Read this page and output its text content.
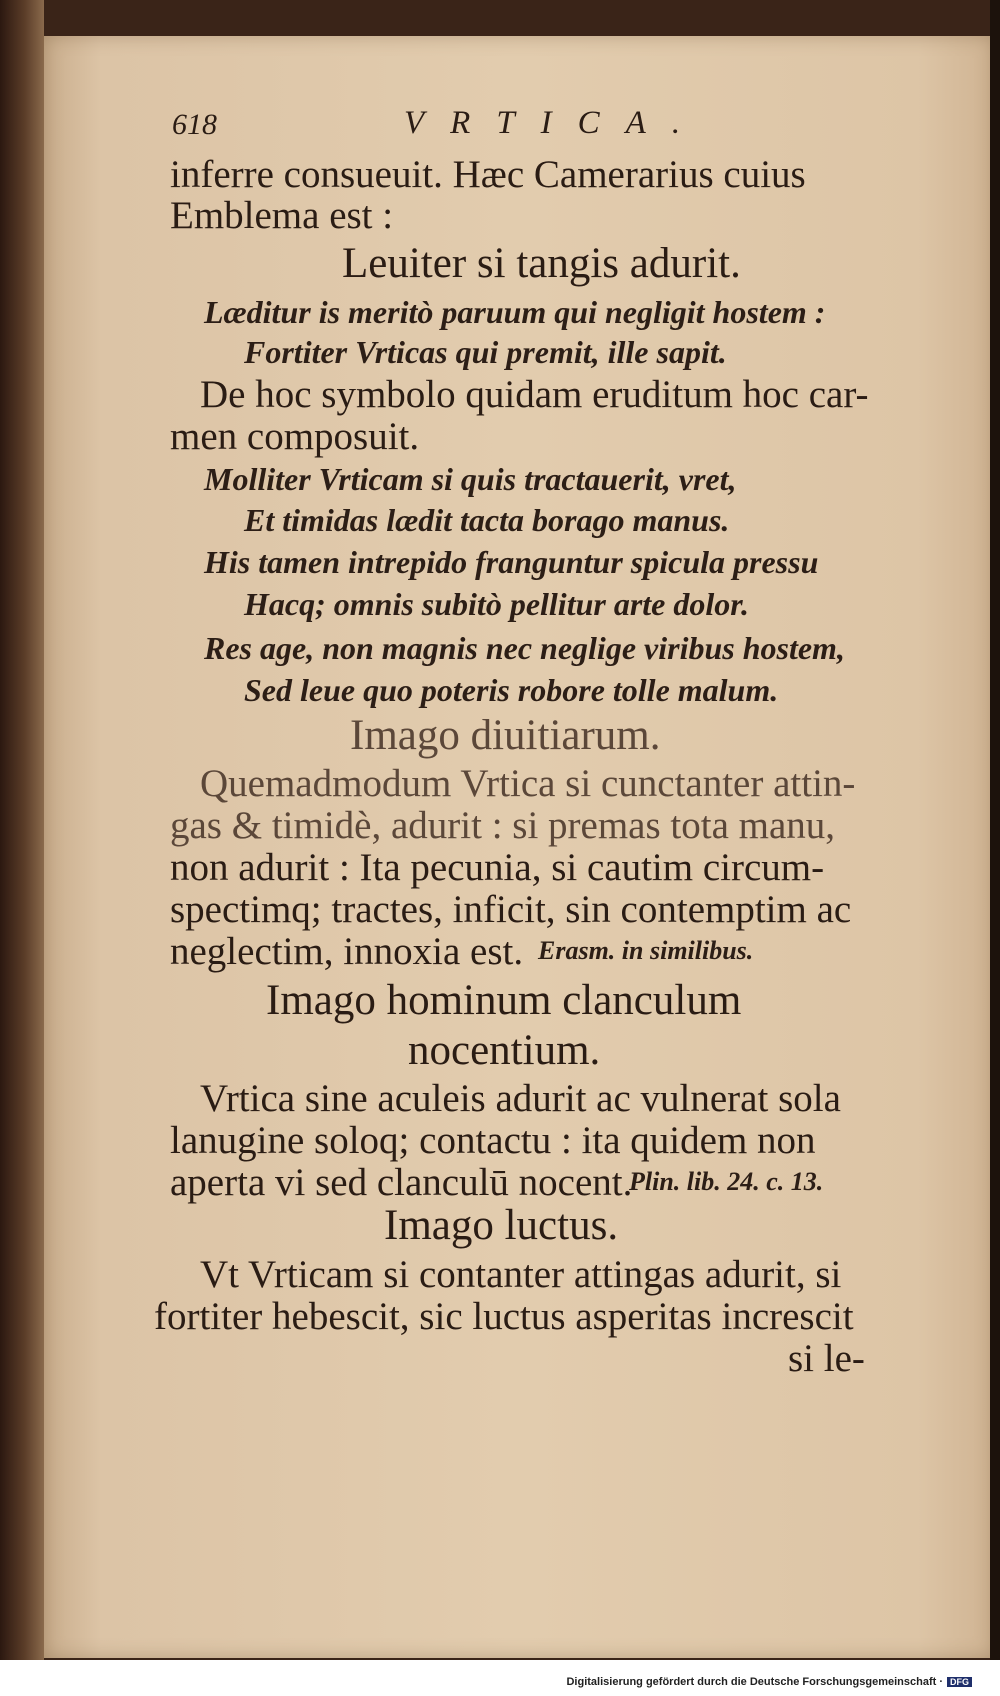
618	VRTICA.
inferre consueuit. Hæc Camerarius cuius
Emblema est :
Leuiter si tangis adurit.
Læditur is meritò paruum qui negligit hostem :
Fortiter Vrticas qui premit, ille sapit.
De hoc symbolo quidam eruditum hoc car-
men composuit.
Molliter Vrticam si quis tractauerit, vret,
Et timidas lædit tacta borago manus.
His tamen intrepido franguntur spicula pressu
Hacq; omnis subitò pellitur arte dolor.
Res age, non magnis nec neglige viribus hostem,
Sed leue quo poteris robore tolle malum.
Imago diuitiarum.
Quemadmodum Vrtica si cunctanter attin-
gas & timidè, adurit : si premas tota manu,
non adurit : Ita pecunia, si cautim circum-
spectimq; tractes, inficit, sin contemptim ac
neglectim, innoxia est. Erasm. in similibus.
Imago hominum clanculum
nocentium.
Vrtica sine aculeis adurit ac vulnerat sola
lanugine soloq; contactu : ita quidem non
aperta vi sed clanculū nocent.
Plin. lib. 24. c. 13.
Imago luctus.
Vt Vrticam si contanter attingas adurit, si
fortiter hebescit, sic luctus asperitas increscit
si le-
Digitalisierung gefördert durch die Deutsche Forschungsgemeinschaft · DFG
